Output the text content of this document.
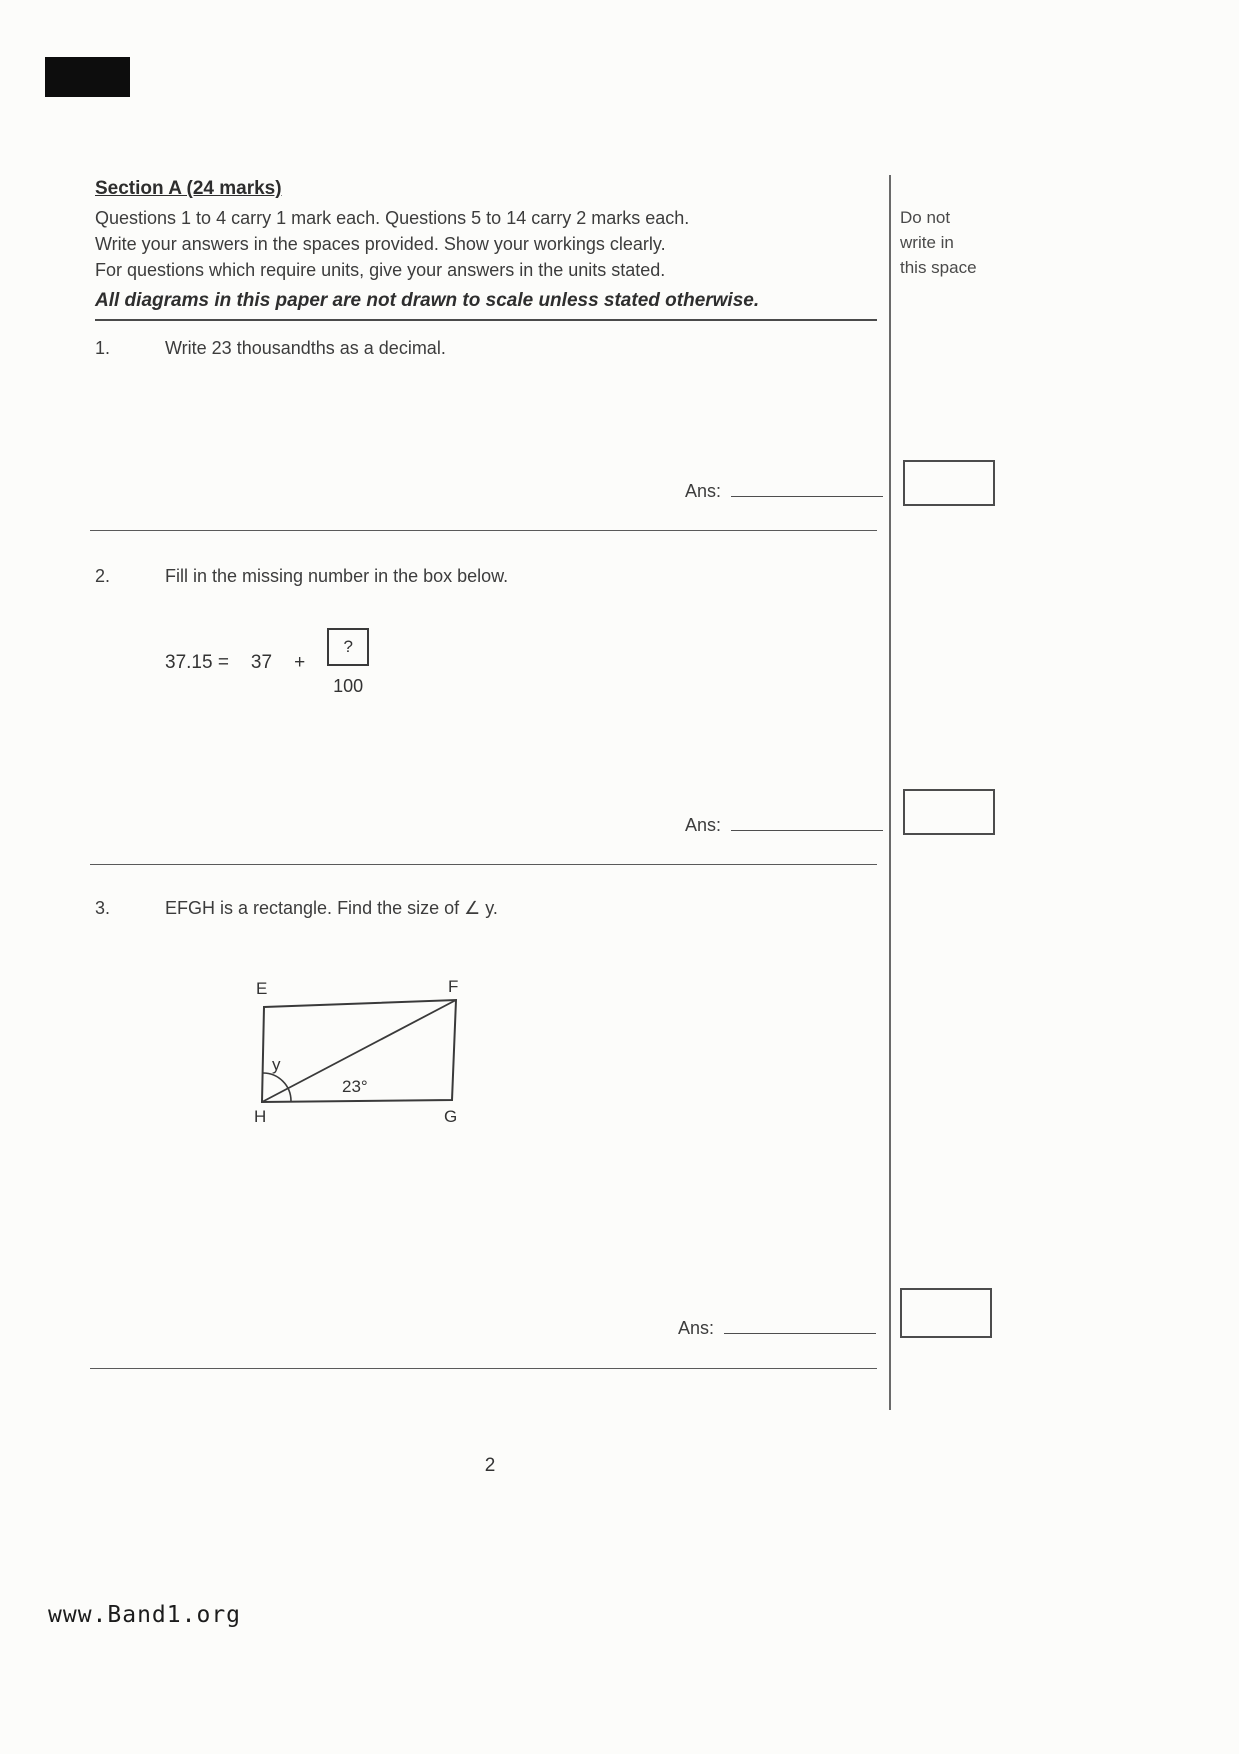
Do not
write in
this space
Section A (24 marks)
Questions 1 to 4 carry 1 mark each. Questions 5 to 14 carry 2 marks each.
Write your answers in the spaces provided. Show your workings clearly.
For questions which require units, give your answers in the units stated.
All diagrams in this paper are not drawn to scale unless stated otherwise.
1.	Write 23 thousandths as a decimal.
Ans:
2.	Fill in the missing number in the box below.
$37.15 = 37 + \frac{?}{100}$
Ans:
3.	EFGH is a rectangle. Find the size of ∠ y.
E	F
H	G
y
23°
Ans:
2
www.Band1.org
